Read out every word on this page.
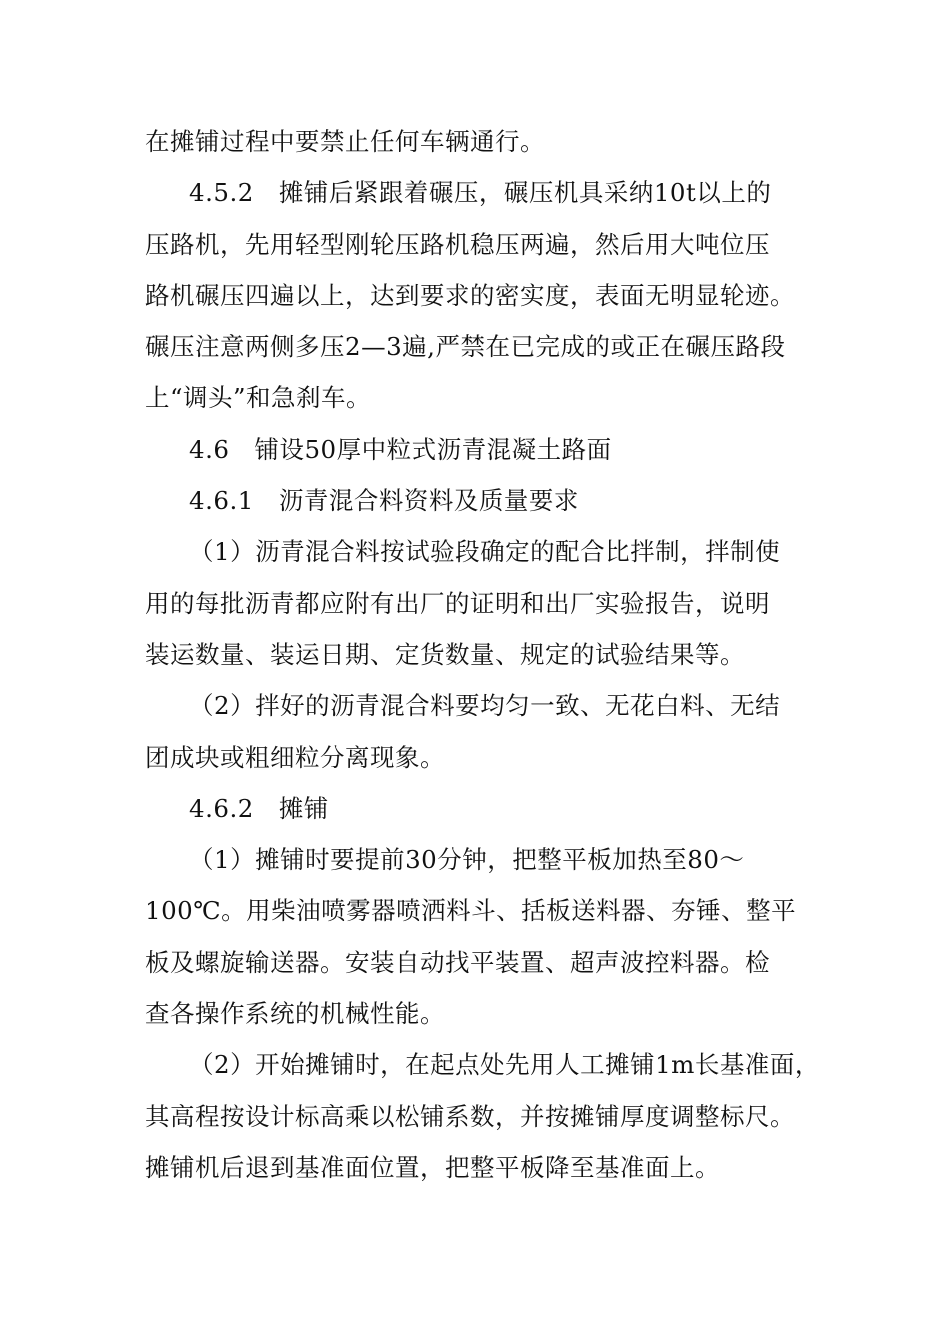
在摊铺过程中要禁止任何车辆通行。
4.5.2　摊铺后紧跟着碾压，碾压机具采纳10t以上的
压路机，先用轻型刚轮压路机稳压两遍，然后用大吨位压
路机碾压四遍以上，达到要求的密实度，表面无明显轮迹。
碾压注意两侧多压2—3遍,严禁在已完成的或正在碾压路段
上“调头”和急刹车。
4.6　铺设50厚中粒式沥青混凝土路面
4.6.1　沥青混合料资料及质量要求
（1）沥青混合料按试验段确定的配合比拌制，拌制使
用的每批沥青都应附有出厂的证明和出厂实验报告，说明
装运数量、装运日期、定货数量、规定的试验结果等。
（2）拌好的沥青混合料要均匀一致、无花白料、无结
团成块或粗细粒分离现象。
4.6.2　摊铺
（1）摊铺时要提前30分钟，把整平板加热至80～
100℃。用柴油喷雾器喷洒料斗、括板送料器、夯锤、整平
板及螺旋输送器。安装自动找平装置、超声波控料器。检
查各操作系统的机械性能。
（2）开始摊铺时，在起点处先用人工摊铺1m长基准面，
其高程按设计标高乘以松铺系数，并按摊铺厚度调整标尺。
摊铺机后退到基准面位置，把整平板降至基准面上。
